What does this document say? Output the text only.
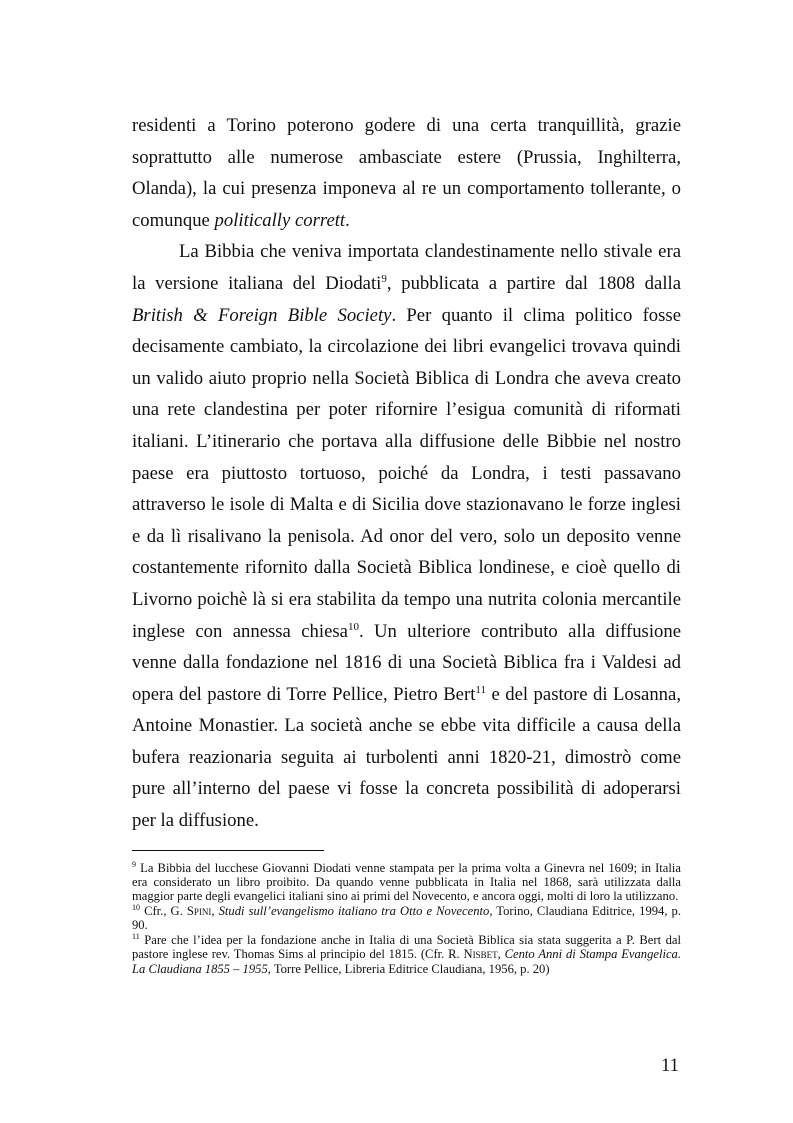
residenti a Torino poterono godere di una certa tranquillità, grazie soprattutto alle numerose ambasciate estere (Prussia, Inghilterra, Olanda), la cui presenza imponeva al re un comportamento tollerante, o comunque politically corrett.

La Bibbia che veniva importata clandestinamente nello stivale era la versione italiana del Diodati$^9$, pubblicata a partire dal 1808 dalla British & Foreign Bible Society. Per quanto il clima politico fosse decisamente cambiato, la circolazione dei libri evangelici trovava quindi un valido aiuto proprio nella Società Biblica di Londra che aveva creato una rete clandestina per poter rifornire l’esigua comunità di riformati italiani. L’itinerario che portava alla diffusione delle Bibbie nel nostro paese era piuttosto tortuoso, poiché da Londra, i testi passavano attraverso le isole di Malta e di Sicilia dove stazionavano le forze inglesi e da lì risalivano la penisola. Ad onor del vero, solo un deposito venne costantemente rifornito dalla Società Biblica londinese, e cioè quello di Livorno poichè là si era stabilita da tempo una nutrita colonia mercantile inglese con annessa chiesa$^{10}$. Un ulteriore contributo alla diffusione venne dalla fondazione nel 1816 di una Società Biblica fra i Valdesi ad opera del pastore di Torre Pellice, Pietro Bert$^{11}$ e del pastore di Losanna, Antoine Monastier. La società anche se ebbe vita difficile a causa della bufera reazionaria seguita ai turbolenti anni 1820-21, dimostrò come pure all’interno del paese vi fosse la concreta possibilità di adoperarsi per la diffusione.

$^9$ La Bibbia del lucchese Giovanni Diodati venne stampata per la prima volta a Ginevra nel 1609; in Italia era considerato un libro proibito. Da quando venne pubblicata in Italia nel 1868, sarà utilizzata dalla maggior parte degli evangelici italiani sino ai primi del Novecento, e ancora oggi, molti di loro la utilizzano.

$^{10}$ Cfr., G. Spini, Studi sull’evangelismo italiano tra Otto e Novecento, Torino, Claudiana Editrice, 1994, p. 90.

$^{11}$ Pare che l’idea per la fondazione anche in Italia di una Società Biblica sia stata suggerita a P. Bert dal pastore inglese rev. Thomas Sims al principio del 1815. (Cfr. R. Nisbet, Cento Anni di Stampa Evangelica. La Claudiana 1855 – 1955, Torre Pellice, Libreria Editrice Claudiana, 1956, p. 20)

11
